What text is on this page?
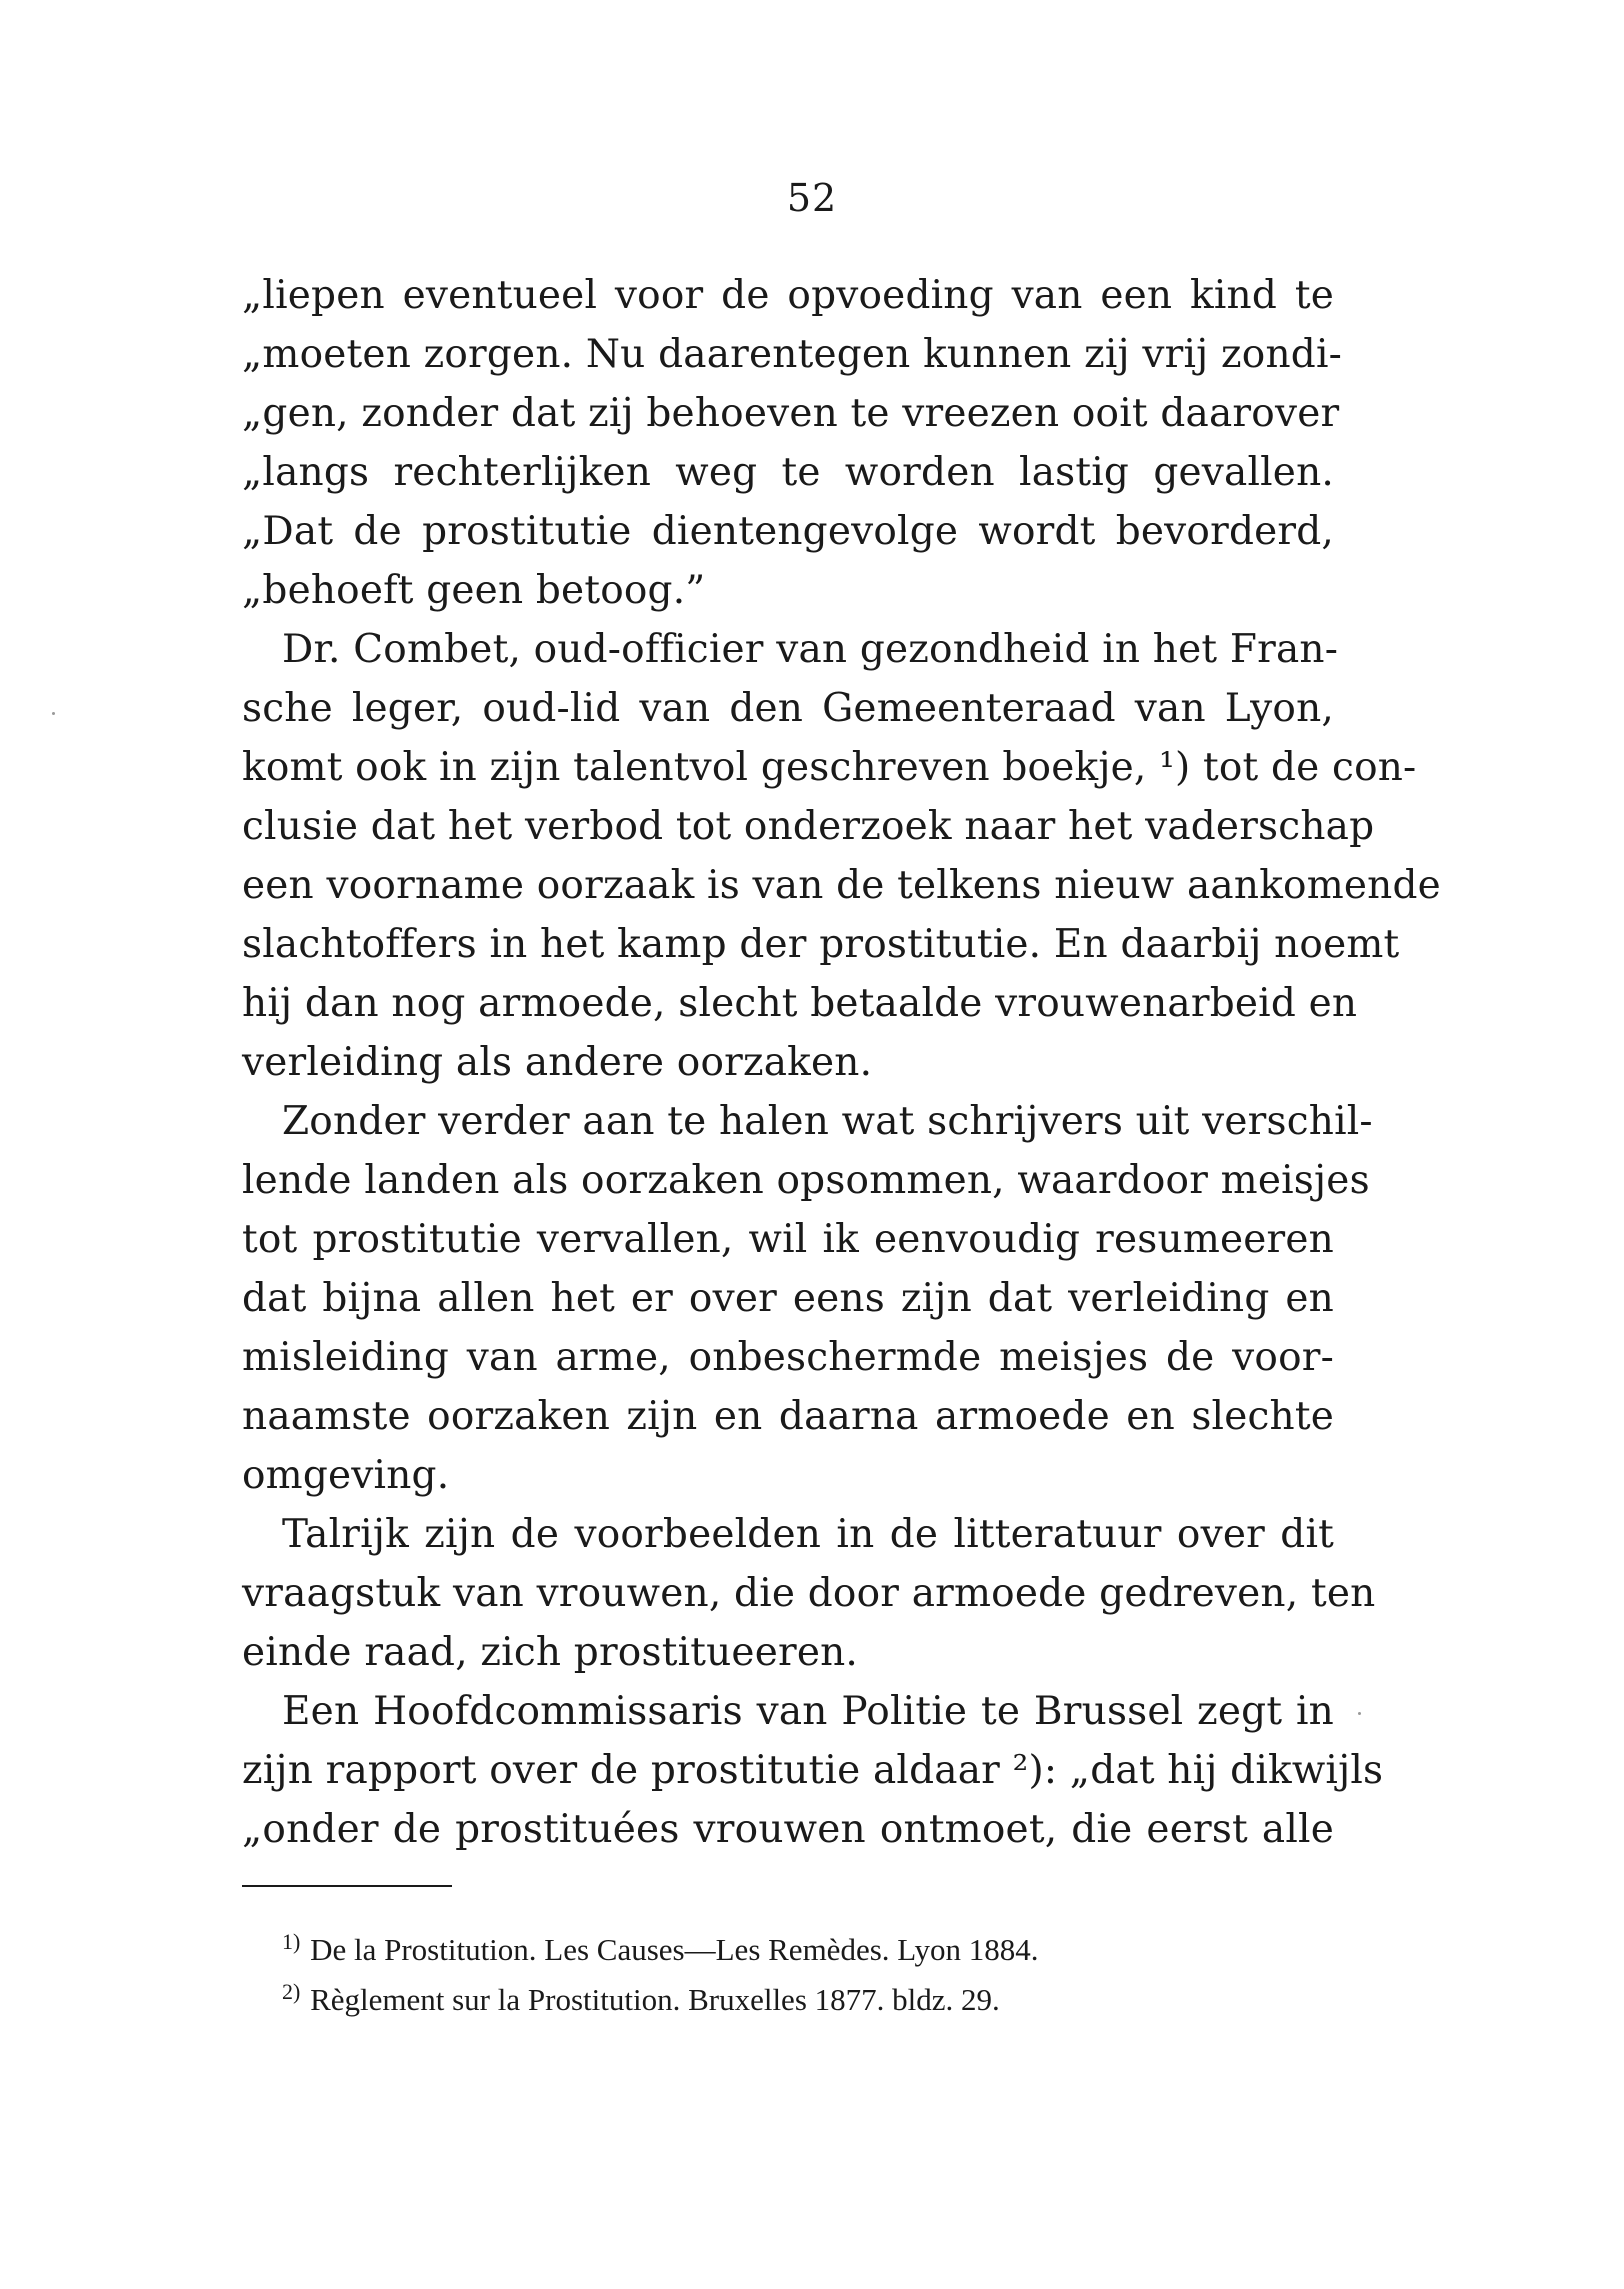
52
„liepen eventueel voor de opvoeding van een kind te
„moeten zorgen. Nu daarentegen kunnen zij vrij zondi-
„gen, zonder dat zij behoeven te vreezen ooit daarover
„langs rechterlijken weg te worden lastig gevallen.
„Dat de prostitutie dientengevolge wordt bevorderd,
„behoeft geen betoog.”
Dr. Combet, oud-officier van gezondheid in het Fran-
sche leger, oud-lid van den Gemeenteraad van Lyon,
komt ook in zijn talentvol geschreven boekje, ¹) tot de con-
clusie dat het verbod tot onderzoek naar het vaderschap
een voorname oorzaak is van de telkens nieuw aankomende
slachtoffers in het kamp der prostitutie. En daarbij noemt
hij dan nog armoede, slecht betaalde vrouwenarbeid en
verleiding als andere oorzaken.
Zonder verder aan te halen wat schrijvers uit verschil-
lende landen als oorzaken opsommen, waardoor meisjes
tot prostitutie vervallen, wil ik eenvoudig resumeeren
dat bijna allen het er over eens zijn dat verleiding en
misleiding van arme, onbeschermde meisjes de voor-
naamste oorzaken zijn en daarna armoede en slechte
omgeving.
Talrijk zijn de voorbeelden in de litteratuur over dit
vraagstuk van vrouwen, die door armoede gedreven, ten
einde raad, zich prostitueeren.
Een Hoofdcommissaris van Politie te Brussel zegt in
zijn rapport over de prostitutie aldaar ²): „dat hij dikwijls
„onder de prostituées vrouwen ontmoet, die eerst alle
1) De la Prostitution. Les Causes—Les Remèdes. Lyon 1884.
2) Règlement sur la Prostitution. Bruxelles 1877. bldz. 29.
